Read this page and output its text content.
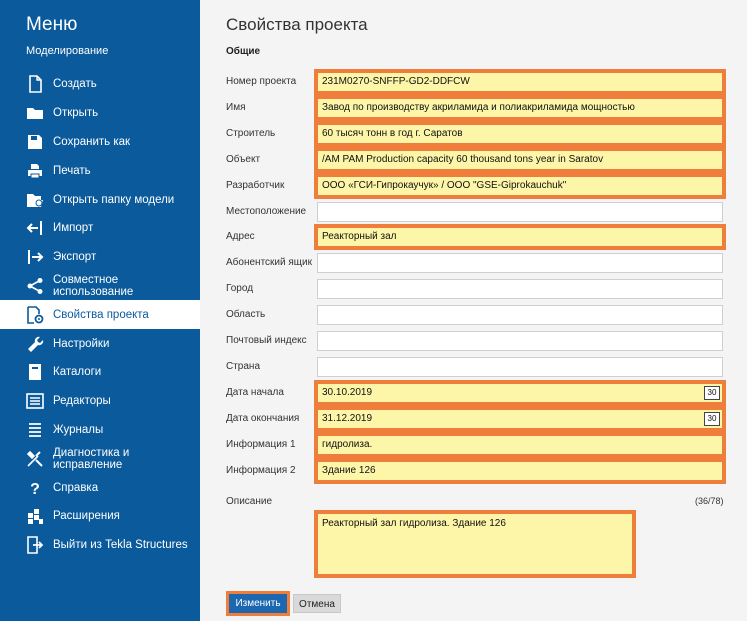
Меню
Моделирование
Создать
Открыть
Сохранить как
Печать
Открыть папку модели
Импорт
Экспорт
Совместное использование
Свойства проекта
Настройки
Каталоги
Редакторы
Журналы
Диагностика и исправление
? Справка
Расширения
Выйти из Tekla Structures
Свойства проекта
Общие
Номер проекта	231M0270-SNFFP-GD2-DDFCW
Имя	Завод по производству акриламида и полиакриламида мощностью
Строитель	60 тысяч тонн в год г. Саратов
Объект	/AM PAM Production capacity 60 thousand tons year in Saratov
Разработчик	ООО «ГСИ-Гипрокаучук» / ООО "GSE-Giprokauchuk"
Местоположение
Адрес	Реакторный зал
Абонентский ящик
Город
Область
Почтовый индекс
Страна
Дата начала	30.10.2019	30
Дата окончания	31.12.2019	30
Информация 1	гидролиза.
Информация 2	Здание 126
Описание	(36/78)
Реакторный зал гидролиза. Здание 126
Изменить	Отмена
